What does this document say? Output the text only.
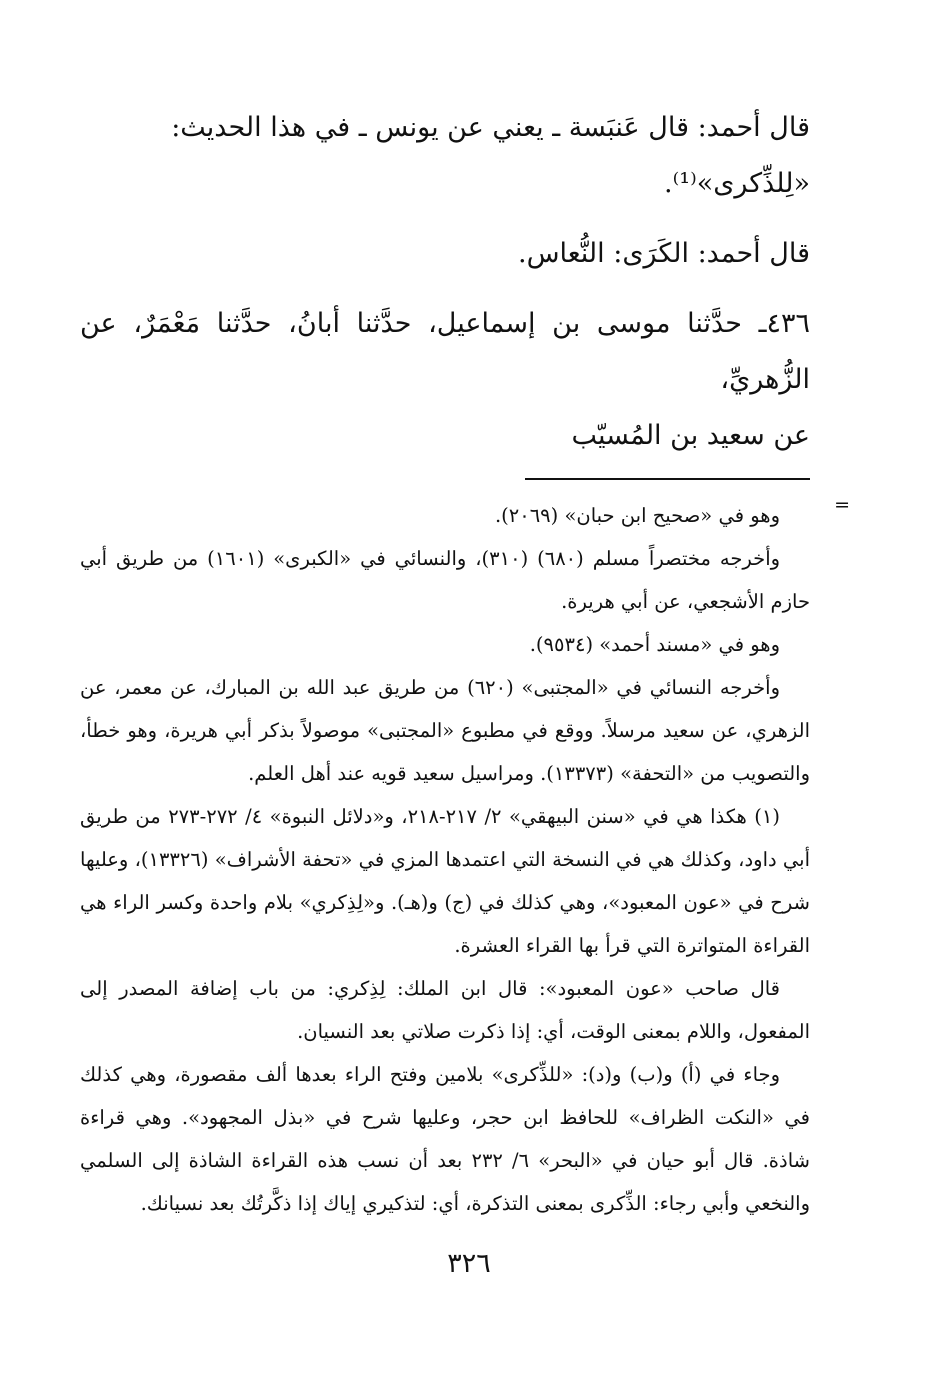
قال أحمد: قال عَنبَسة ـ يعني عن يونس ـ في هذا الحديث:

«لِلذِّكرى»⁽¹⁾.

قال أحمد: الكَرَى: النُّعاس.

٤٣٦ـ حدَّثنا موسى بن إسماعيل، حدَّثنا أبانُ، حدَّثنا مَعْمَرٌ، عن الزُّهريِّ،

عن سعيد بن المُسيّب

=

وهو في «صحيح ابن حبان» (٢٠٦٩).

وأخرجه مختصراً مسلم (٦٨٠) (٣١٠)، والنسائي في «الكبرى» (١٦٠١) من طريق أبي حازم الأشجعي، عن أبي هريرة.

وهو في «مسند أحمد» (٩٥٣٤).

وأخرجه النسائي في «المجتبى» (٦٢٠) من طريق عبد الله بن المبارك، عن معمر، عن الزهري، عن سعيد مرسلاً. ووقع في مطبوع «المجتبى» موصولاً بذكر أبي هريرة، وهو خطأ، والتصويب من «التحفة» (١٣٣٧٣). ومراسيل سعيد قويه عند أهل العلم.

(١) هكذا هي في «سنن البيهقي» ٢/ ٢١٧-٢١٨، و«دلائل النبوة» ٤/ ٢٧٢-٢٧٣ من طريق أبي داود، وكذلك هي في النسخة التي اعتمدها المزي في «تحفة الأشراف» (١٣٣٢٦)، وعليها شرح في «عون المعبود»، وهي كذلك في (ج) و(هـ). و«لِذِكري» بلام واحدة وكسر الراء هي القراءة المتواترة التي قرأ بها القراء العشرة.

قال صاحب «عون المعبود»: قال ابن الملك: لِذِكري: من باب إضافة المصدر إلى المفعول، واللام بمعنى الوقت، أي: إذا ذكرت صلاتي بعد النسيان.

وجاء في (أ) و(ب) و(د): «للذِّكرى» بلامين وفتح الراء بعدها ألف مقصورة، وهي كذلك في «النكت الظراف» للحافظ ابن حجر، وعليها شرح في «بذل المجهود». وهي قراءة شاذة. قال أبو حيان في «البحر» ٦/ ٢٣٢ بعد أن نسب هذه القراءة الشاذة إلى السلمي والنخعي وأبي رجاء: الذِّكرى بمعنى التذكرة، أي: لتذكيري إياك إذا ذكَّرتُك بعد نسيانك.

٣٢٦
